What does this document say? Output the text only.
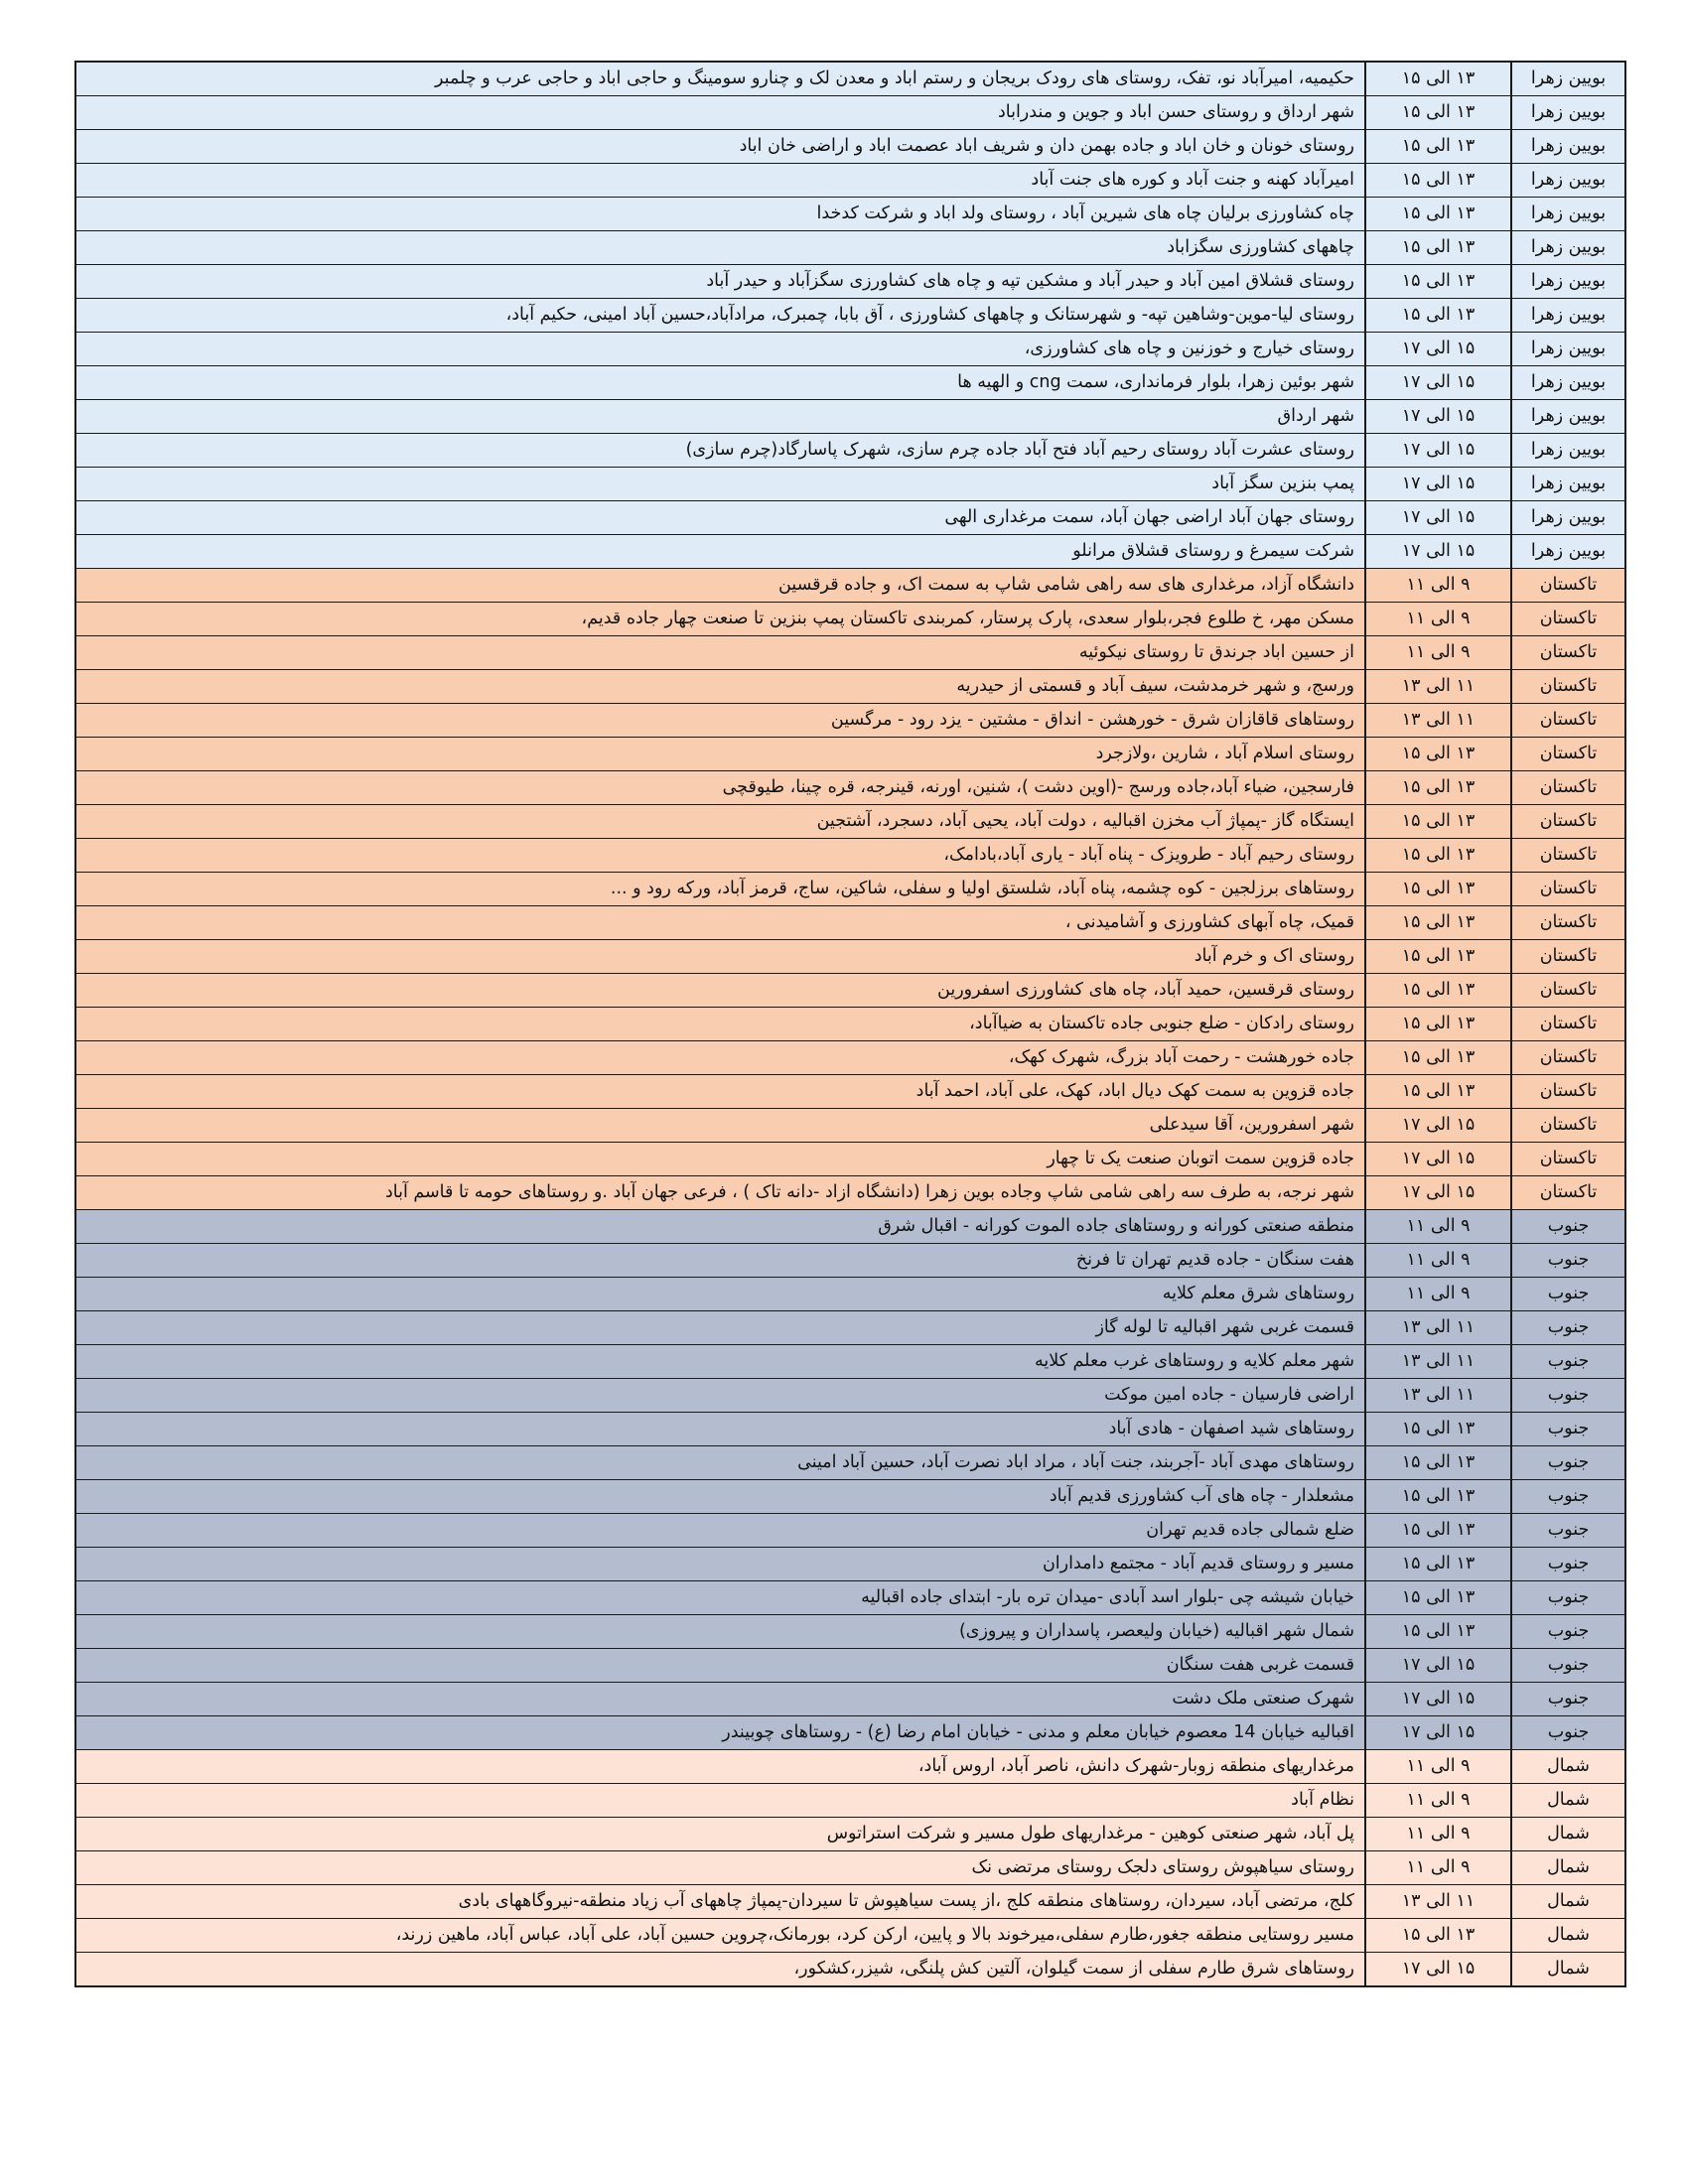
بویین زهرا	۱۳ الی ۱۵	حکیمیه، امیرآباد نو، تفک، روستای های رودک بریجان و رستم اباد و معدن لک و چنارو سومینگ و حاجی اباد و حاجی عرب و چلمبر
بویین زهرا	۱۳ الی ۱۵	شهر ارداق و روستای حسن اباد و جوین و مندراباد
بویین زهرا	۱۳ الی ۱۵	روستای خونان و خان اباد و جاده بهمن دان و شریف اباد عصمت اباد و اراضی خان اباد
بویین زهرا	۱۳ الی ۱۵	امیرآباد کهنه و جنت آباد و کوره های جنت آباد
بویین زهرا	۱۳ الی ۱۵	چاه کشاورزی برلیان چاه های شیرین آباد ، روستای ولد اباد و شرکت کدخدا
بویین زهرا	۱۳ الی ۱۵	چاههای کشاورزی سگزاباد
بویین زهرا	۱۳ الی ۱۵	روستای قشلاق امین آباد و حیدر آباد و مشکین تپه و چاه های کشاورزی سگزآباد و حیدر آباد
بویین زهرا	۱۳ الی ۱۵	روستای لیا-موین-وشاهین تپه- و شهرستانک و چاههای کشاورزی ، آق بابا، چمبرک، مرادآباد،حسین آباد امینی، حکیم آباد،
بویین زهرا	۱۵ الی ۱۷	روستای خیارج و خوزنین و چاه های کشاورزی،
بویین زهرا	۱۵ الی ۱۷	شهر بوئین زهرا، بلوار فرمانداری، سمت cng و الهیه ها
بویین زهرا	۱۵ الی ۱۷	شهر ارداق
بویین زهرا	۱۵ الی ۱۷	روستای عشرت آباد روستای رحیم آباد فتح آباد جاده چرم سازی، شهرک پاسارگاد(چرم سازی)
بویین زهرا	۱۵ الی ۱۷	پمپ بنزین سگز آباد
بویین زهرا	۱۵ الی ۱۷	روستای جهان آباد اراضی جهان آباد، سمت مرغداری الهی
بویین زهرا	۱۵ الی ۱۷	شرکت سیمرغ و روستای قشلاق مرانلو
تاکستان	۹ الی ۱۱	دانشگاه آزاد، مرغداری های سه راهی شامی شاپ به سمت اک، و جاده قرقسین
تاکستان	۹ الی ۱۱	مسکن مهر، خ طلوع فجر،بلوار سعدی، پارک پرستار، کمربندی تاکستان پمپ بنزین تا صنعت چهار جاده قدیم،
تاکستان	۹ الی ۱۱	از حسین اباد جرندق تا روستای نیکوئیه
تاکستان	۱۱ الی ۱۳	ورسج، و شهر خرمدشت، سیف آباد و قسمتی از حیدریه
تاکستان	۱۱ الی ۱۳	روستاهای قاقازان شرق - خورهشن - انداق - مشتین - یزد رود - مرگسین
تاکستان	۱۳ الی ۱۵	روستای اسلام آباد ، شارین ،ولازجرد
تاکستان	۱۳ الی ۱۵	فارسجین، ضیاء آباد،جاده ورسج -(اوین دشت )، شنین، اورنه، قینرجه، قره چینا، طیوقچی
تاکستان	۱۳ الی ۱۵	ایستگاه گاز -پمپاژ آب مخزن اقبالیه ، دولت آباد، یحیی آباد، دسجرد، آشتجین
تاکستان	۱۳ الی ۱۵	روستای رحیم آباد - طرویزک - پناه آباد - یاری آباد،بادامک،
تاکستان	۱۳ الی ۱۵	روستاهای برزلجین - کوه چشمه، پناه آباد، شلستق اولیا و سفلی، شاکین، ساج، قرمز آباد، ورکه رود و ...
تاکستان	۱۳ الی ۱۵	قمیک، چاه آبهای کشاورزی و آشامیدنی ،
تاکستان	۱۳ الی ۱۵	روستای اک و خرم آباد
تاکستان	۱۳ الی ۱۵	روستای قرقسین، حمید آباد، چاه های کشاورزی اسفرورین
تاکستان	۱۳ الی ۱۵	روستای رادکان - ضلع جنوبی جاده تاکستان به ضیاآباد،
تاکستان	۱۳ الی ۱۵	جاده خورهشت - رحمت آباد بزرگ، شهرک کهک،
تاکستان	۱۳ الی ۱۵	جاده قزوین به سمت کهک دیال اباد، کهک، علی آباد، احمد آباد
تاکستان	۱۵ الی ۱۷	شهر اسفرورین، آقا سیدعلی
تاکستان	۱۵ الی ۱۷	جاده قزوین سمت اتوبان صنعت یک تا چهار
تاکستان	۱۵ الی ۱۷	شهر نرجه، به طرف سه راهی شامی شاپ وجاده بوین زهرا (دانشگاه ازاد -دانه تاک ) ، فرعی جهان آباد .و روستاهای حومه تا قاسم آباد
جنوب	۹ الی ۱۱	منطقه صنعتی کورانه و روستاهای جاده الموت کورانه - اقبال شرق
جنوب	۹ الی ۱۱	هفت سنگان - جاده قدیم تهران تا فرنخ
جنوب	۹ الی ۱۱	روستاهای شرق معلم کلایه
جنوب	۱۱ الی ۱۳	قسمت غربی شهر اقبالیه تا لوله گاز
جنوب	۱۱ الی ۱۳	شهر معلم کلایه و روستاهای غرب معلم کلایه
جنوب	۱۱ الی ۱۳	اراضی فارسیان - جاده امین موکت
جنوب	۱۳ الی ۱۵	روستاهای شید اصفهان - هادی آباد
جنوب	۱۳ الی ۱۵	روستاهای مهدی آباد -آجربند، جنت آباد ، مراد اباد نصرت آباد، حسین آباد امینی
جنوب	۱۳ الی ۱۵	مشعلدار - چاه های آب کشاورزی قدیم آباد
جنوب	۱۳ الی ۱۵	ضلع شمالی جاده قدیم تهران
جنوب	۱۳ الی ۱۵	مسیر و روستای قدیم آباد - مجتمع دامداران
جنوب	۱۳ الی ۱۵	خیابان شیشه چی -بلوار اسد آبادی -میدان تره بار- ابتدای جاده اقبالیه
جنوب	۱۳ الی ۱۵	شمال شهر اقبالیه (خیابان ولیعصر، پاسداران و پیروزی)
جنوب	۱۵ الی ۱۷	قسمت غربی هفت سنگان
جنوب	۱۵ الی ۱۷	شهرک صنعتی ملک دشت
جنوب	۱۵ الی ۱۷	اقبالیه خیابان 14 معصوم خیابان معلم و مدنی - خیابان امام رضا (ع) - روستاهای چوبیندر
شمال	۹ الی ۱۱	مرغداریهای منطقه زوبار-شهرک دانش، ناصر آباد، اروس آباد،
شمال	۹ الی ۱۱	نظام آباد
شمال	۹ الی ۱۱	پل آباد، شهر صنعتی کوهین - مرغداریهای طول مسیر و شرکت استراتوس
شمال	۹ الی ۱۱	روستای سیاهپوش روستای دلجک روستای مرتضی نک
شمال	۱۱ الی ۱۳	کلج، مرتضی آباد، سیردان، روستاهای منطقه کلج ،از پست سیاهپوش تا سیردان-پمپاژ چاههای آب زیاد منطقه-نیروگاههای بادی
شمال	۱۳ الی ۱۵	مسیر روستایی منطقه جغور،طارم سفلی،میرخوند بالا و پایین، ارکن کرد، بورمانک،چروین حسین آباد، علی آباد، عباس آباد، ماهین زرند،
شمال	۱۵ الی ۱۷	روستاهای شرق طارم سفلی از سمت گیلوان، آلتین کش پلنگی، شیزر،کشکور،
